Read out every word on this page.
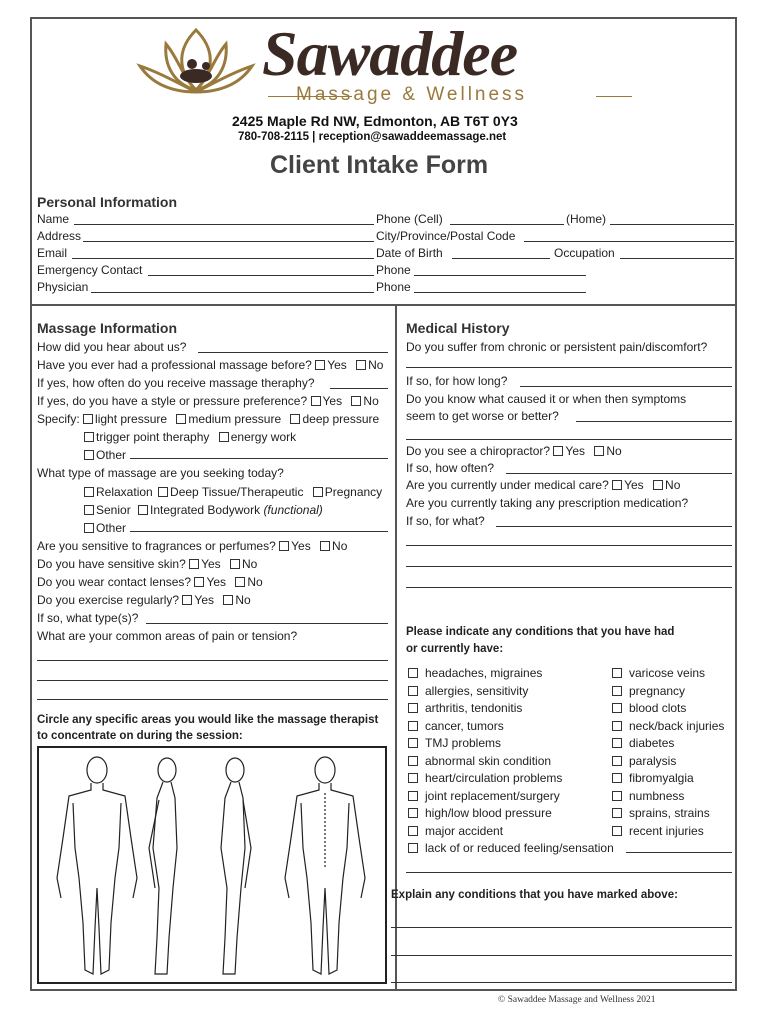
Sawaddee
Massage & Wellness
2425 Maple Rd NW, Edmonton, AB T6T 0Y3
780-708-2115 | reception@sawaddeemassage.net
Client Intake Form
Personal Information
Name
Address
Email
Emergency Contact
Physician
Phone (Cell)	(Home)
City/Province/Postal Code
Date of Birth	Occupation
Phone
Phone
Massage Information
How did you hear about us?
Have you ever had a professional massage before? Yes No
If yes, how often do you receive massage theraphy?
If yes, do you have a style or pressure preference? Yes No
Specify: light pressure medium pressure deep pressure
trigger point theraphy energy work
Other
What type of massage are you seeking today?
Relaxation Deep Tissue/Therapeutic Pregnancy
Senior Integrated Bodywork (functional)
Other
Are you sensitive to fragrances or perfumes? Yes No
Do you have sensitive skin? Yes No
Do you wear contact lenses? Yes No
Do you exercise regularly? Yes No
If so, what type(s)?
What are your common areas of pain or tension?
Circle any specific areas you would like the massage therapist
to concentrate on during the session:
Medical History
Do you suffer from chronic or persistent pain/discomfort?
If so, for how long?
Do you know what caused it or when then symptoms
seem to get worse or better?
Do you see a chiropractor? Yes No
If so, how often?
Are you currently under medical care? Yes No
Are you currently taking any prescription medication?
If so, for what?
Please indicate any conditions that you have had
or currently have:
headaches, migraines
allergies, sensitivity
arthritis, tendonitis
cancer, tumors
TMJ problems
abnormal skin condition
heart/circulation problems
joint replacement/surgery
high/low blood pressure
major accident
lack of or reduced feeling/sensation
varicose veins
pregnancy
blood clots
neck/back injuries
diabetes
paralysis
fibromyalgia
numbness
sprains, strains
recent injuries
Explain any conditions that you have marked above:
© Sawaddee Massage and Wellness 2021
